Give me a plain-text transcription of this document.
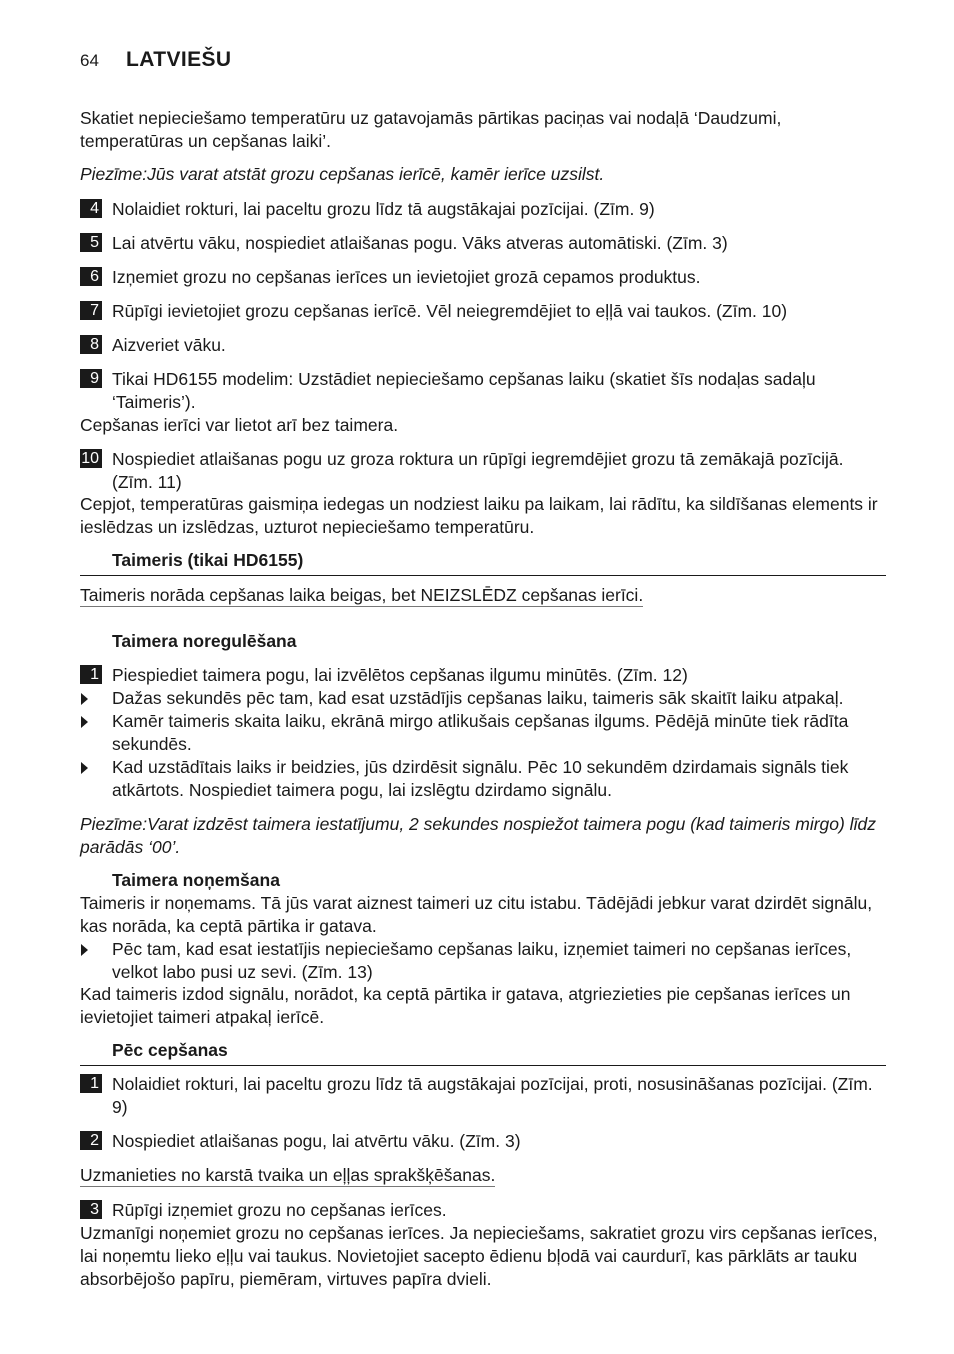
64 LATVIEŠU
Skatiet nepieciešamo temperatūru uz gatavojamās pārtikas paciņas vai nodaļā ‘Daudzumi, temperatūras un cepšanas laiki’.
Piezīme:Jūs varat atstāt grozu cepšanas ierīcē, kamēr ierīce uzsilst.
4 Nolaidiet rokturi, lai paceltu grozu līdz tā augstākajai pozīcijai. (Zīm. 9)
5 Lai atvērtu vāku, nospiediet atlaišanas pogu. Vāks atveras automātiski. (Zīm. 3)
6 Izņemiet grozu no cepšanas ierīces un ievietojiet grozā cepamos produktus.
7 Rūpīgi ievietojiet grozu cepšanas ierīcē. Vēl neiegremdējiet to eļļā vai taukos. (Zīm. 10)
8 Aizveriet vāku.
9 Tikai HD6155 modelim: Uzstādiet nepieciešamo cepšanas laiku (skatiet šīs nodaļas sadaļu ‘Taimeris’).
Cepšanas ierīci var lietot arī bez taimera.
10 Nospiediet atlaišanas pogu uz groza roktura un rūpīgi iegremdējiet grozu tā zemākajā pozīcijā. (Zīm. 11)
Cepjot, temperatūras gaismiņa iedegas un nodziest laiku pa laikam, lai rādītu, ka sildīšanas elements ir ieslēdzas un izslēdzas, uzturot nepieciešamo temperatūru.
Taimeris (tikai HD6155)
Taimeris norāda cepšanas laika beigas, bet NEIZSLĒDZ cepšanas ierīci.
Taimera noregulēšana
1 Piespiediet taimera pogu, lai izvēlētos cepšanas ilgumu minūtēs. (Zīm. 12)
Dažas sekundēs pēc tam, kad esat uzstādījis cepšanas laiku, taimeris sāk skaitīt laiku atpakaļ.
Kamēr taimeris skaita laiku, ekrānā mirgo atlikušais cepšanas ilgums. Pēdējā minūte tiek rādīta sekundēs.
Kad uzstādītais laiks ir beidzies, jūs dzirdēsit signālu. Pēc 10 sekundēm dzirdamais signāls tiek atkārtots. Nospiediet taimera pogu, lai izslēgtu dzirdamo signālu.
Piezīme:Varat izdzēst taimera iestatījumu, 2 sekundes nospiežot taimera pogu (kad taimeris mirgo) līdz parādās ‘00’.
Taimera noņemšana
Taimeris ir noņemams. Tā jūs varat aiznest taimeri uz citu istabu. Tādējādi jebkur varat dzirdēt signālu, kas norāda, ka ceptā pārtika ir gatava.
Pēc tam, kad esat iestatījis nepieciešamo cepšanas laiku, izņemiet taimeri no cepšanas ierīces, velkot labo pusi uz sevi. (Zīm. 13)
Kad taimeris izdod signālu, norādot, ka ceptā pārtika ir gatava, atgriezieties pie cepšanas ierīces un ievietojiet taimeri atpakaļ ierīcē.
Pēc cepšanas
1 Nolaidiet rokturi, lai paceltu grozu līdz tā augstākajai pozīcijai, proti, nosusināšanas pozīcijai. (Zīm. 9)
2 Nospiediet atlaišanas pogu, lai atvērtu vāku. (Zīm. 3)
Uzmanieties no karstā tvaika un eļļas sprakšķēšanas.
3 Rūpīgi izņemiet grozu no cepšanas ierīces.
Uzmanīgi noņemiet grozu no cepšanas ierīces. Ja nepieciešams, sakratiet grozu virs cepšanas ierīces, lai noņemtu lieko eļļu vai taukus. Novietojiet sacepto ēdienu bļodā vai caurdurī, kas pārklāts ar tauku absorbējošo papīru, piemēram, virtuves papīra dvieli.
